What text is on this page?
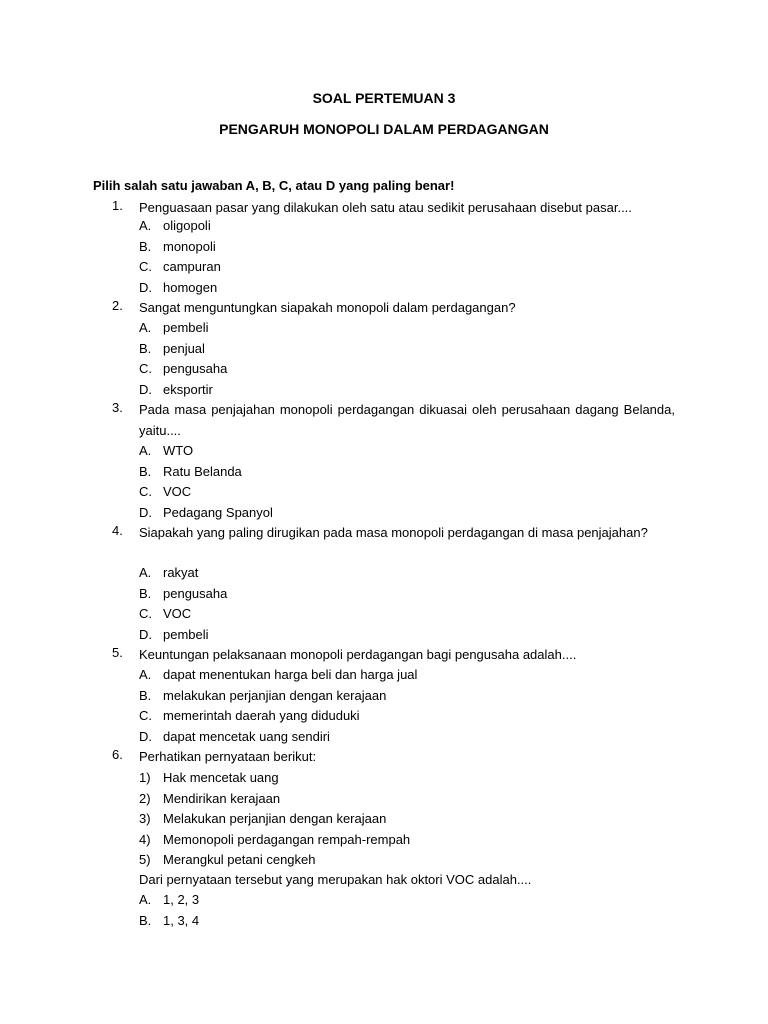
SOAL PERTEMUAN 3
PENGARUH MONOPOLI DALAM PERDAGANGAN
Pilih salah satu jawaban A, B, C, atau D yang paling benar!
1. Penguasaan pasar yang dilakukan oleh satu atau sedikit perusahaan disebut pasar....
A. oligopoli
B. monopoli
C. campuran
D. homogen
2. Sangat menguntungkan siapakah monopoli dalam perdagangan?
A. pembeli
B. penjual
C. pengusaha
D. eksportir
3. Pada masa penjajahan monopoli perdagangan dikuasai oleh perusahaan dagang Belanda, yaitu....
A. WTO
B. Ratu Belanda
C. VOC
D. Pedagang Spanyol
4. Siapakah yang paling dirugikan pada masa monopoli perdagangan di masa penjajahan?
A. rakyat
B. pengusaha
C. VOC
D. pembeli
5. Keuntungan pelaksanaan monopoli perdagangan bagi pengusaha adalah....
A. dapat menentukan harga beli dan harga jual
B. melakukan perjanjian dengan kerajaan
C. memerintah daerah yang diduduki
D. dapat mencetak uang sendiri
6. Perhatikan pernyataan berikut:
1) Hak mencetak uang
2) Mendirikan kerajaan
3) Melakukan perjanjian dengan kerajaan
4) Memonopoli perdagangan rempah-rempah
5) Merangkul petani cengkeh
Dari pernyataan tersebut yang merupakan hak oktori VOC adalah....
A. 1, 2, 3
B. 1, 3, 4
